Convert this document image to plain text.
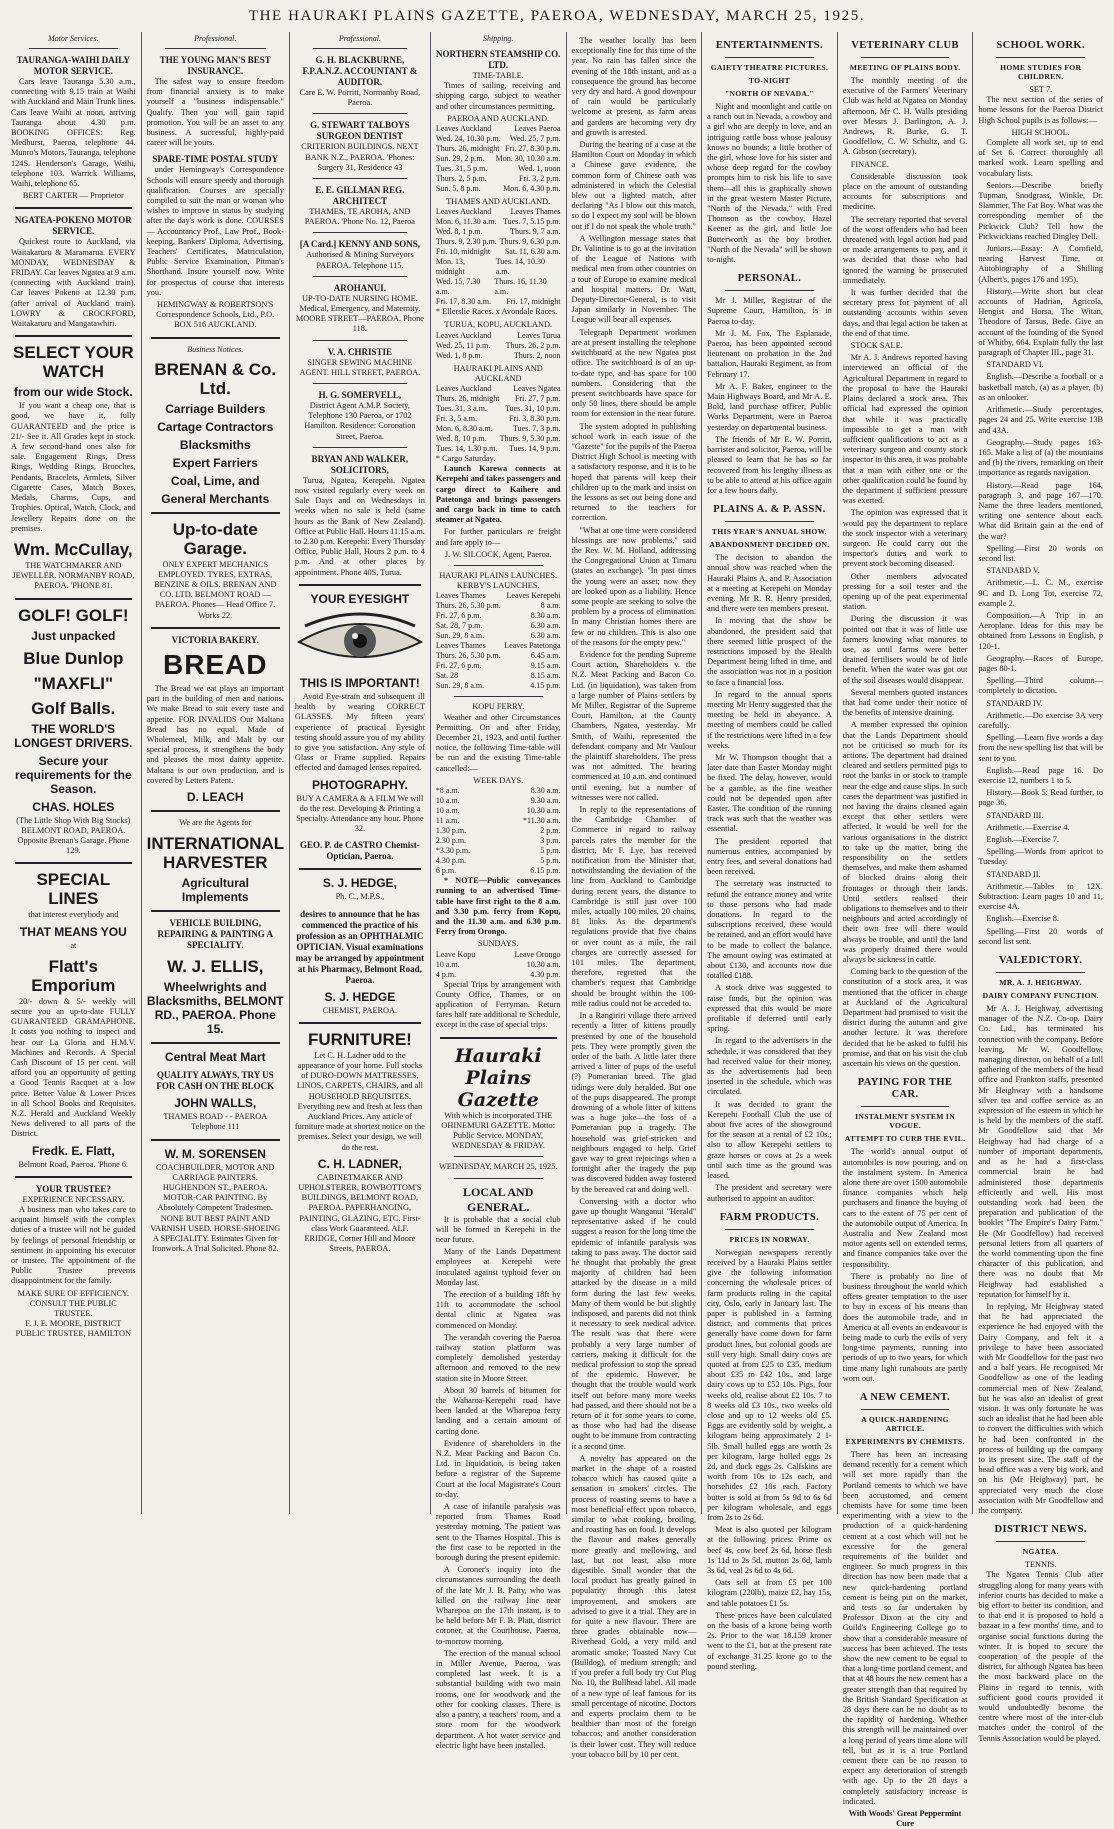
THE HAURAKI PLAINS GAZETTE, PAEROA, WEDNESDAY, MARCH 25, 1925.
Motor Services.
TAURANGA-WAIHI DAILY MOTOR SERVICE.

Cars leave Tauranga 5.30 a.m., connecting with 9.15 train at Waihi with Auckland and Main Trunk lines. Cars leave Waihi at noon, arriving Tauranga about 4.30 p.m. BOOKING OFFICES: Reg. Medhurst, Paeroa, telephone 44. Munro's Motors, Tauranga, telephone 124S. Henderson's Garage, Waihi, telephone 103. Warrick Williams, Waihi, telephone 65.

BERT CARTER — Proprietor
NGATEA-POKENO MOTOR SERVICE.

Quickest route to Auckland, via Waitakaruru & Maramarua. EVERY MONDAY, WEDNESDAY & FRIDAY. Car leaves Ngatea at 9 a.m. (connecting with Auckland train). Car leaves Pokeno at 12.30 p.m. (after arrival of Auckland train). LOWRY & CROCKFORD, Waitakaruru and Mangatawhiri.

SELECT YOUR WATCH
from our wide Stock.

If you want a cheap one, that is good, we have it, fully GUARANTEED and the price is 21/- See it. All Grades kept in stock. A few second-hand ones also for sale. Engagement Rings, Dress Rings, Wedding Rings, Brooches, Pendants, Bracelets, Armlets, Silver Cigarette Cases, Match Boxes, Medals, Charms, Cups, and Trophies. Optical, Watch, Clock, and Jewellery Repairs done on the premises.

Wm. McCullay,
THE WATCHMAKER AND JEWELLER. NORMANBY ROAD, PAEROA. 'PHONE 81.
GOLF! GOLF!
Just unpacked
Blue Dunlop
"MAXFLI"
Golf Balls.
THE WORLD'S LONGEST DRIVERS.
Secure your requirements for the Season.
CHAS. HOLES
(The Little Shop With Big Stocks) BELMONT ROAD, PAEROA. Opposite Brenan's Garage. Phone 129.
SPECIAL LINES
that interest everybody and
THAT MEANS YOU
at
Flatt's Emporium

20/- down & 5/- weekly will secure you an up-to-date FULLY GUARANTEED GRAMAPHONE. It costs you nothing to inspect and hear our La Gloria and H.M.V. Machines and Records. A Special Cash Discount of 15 per cent. will afford you an opportunity of getting a Good Tennis Racquet at a low price. Better Value & Lower Prices in all School Books and Requisites. N.Z. Herald and Auckland Weekly News delivered to all parts of the District.

Fredk. E. Flatt,
Belmont Road, Paeroa. 'Phone 6.
YOUR TRUSTEE?
EXPERIENCE NECESSARY.

A business man who takes care to acquaint himself with the complex duties of a trustee will not be guided by feelings of personal friendship or sentiment in appointing his executor or trustee. The appointment of the Public Trustee prevents disappointment for the family.

MAKE SURE OF EFFICIENCY.
CONSULT THE PUBLIC TRUSTEE.
F. J. E. MOORE, DISTRICT PUBLIC TRUSTEE, HAMILTON
Professional.
THE YOUNG MAN'S BEST INSURANCE.

The safest way to ensure freedom from financial anxiety is to make yourself a "business indispensable." Qualify. Then you will gain rapid promotion. You will be an asset to any business. A successful, highly-paid career will be yours.

SPARE-TIME POSTAL STUDY

under Hemingway's Correspondence Schools will ensure speedy and thorough qualification. Courses are specially compiled to suit the man or woman who wishes to improve in status by studying after the day's work is done. COURSES— Accountancy Prof., Law Prof., Book-keeping, Bankers' Diploma, Advertising, Teachers' Certificates, Matriculation, Public Service Examination, Pitman's Shorthand. Insure yourself now. Write for prospectus of course that interests you.

HEMINGWAY & ROBERTSON'S Correspondence Schools, Ltd., P.O. BOX 516 AUCKLAND.
Business Notices.
BRENAN & Co. Ltd.
Carriage Builders
Cartage Contractors
Blacksmiths
Expert Farriers
Coal, Lime, and
General Merchants
Up-to-date Garage.
ONLY EXPERT MECHANICS EMPLOYED. TYRES, EXTRAS, BENZINE & OILS. BRENAN AND CO. LTD. BELMONT ROAD — PAEROA. Phones— Head Office 7. Works 22.
VICTORIA BAKERY.
BREAD

The Bread we eat plays an important part in the building of men and nations. We make Bread to suit every taste and appetite. FOR INVALIDS Our Maltana Bread has no equal. Made of Wholemeal, Milk, and Malt by our special process, it strengthens the body and pleases the most dainty appetite. Maltana is our own production, and is covered by Letters Patent.

D. LEACH
We are the Agents for
INTERNATIONAL HARVESTER
Agricultural Implements
VEHICLE BUILDING, REPAIRING & PAINTING A SPECIALITY.
W. J. ELLIS,
Wheelwrights and Blacksmiths, BELMONT RD., PAEROA. Phone 15.
Central Meat Mart
QUALITY ALWAYS, TRY US FOR CASH ON THE BLOCK
JOHN WALLS,
THAMES ROAD - - PAEROA Telephone 111
W. M. SORENSEN
COACHBUILDER, MOTOR AND CARRIAGE PAINTERS. HUGHENDON ST., PAEROA. MOTOR-CAR PAINTING. By Absolutely Competent Tradesmen. NONE BUT BEST PAINT AND VARNISH USED. HORSE-SHOEING A SPECIALITY. Estimates Given for Ironwork. A Trial Solicited. Phone 82.
Professional.
G. H. BLACKBURNE, F.P.A.N.Z. ACCOUNTANT & AUDITOR.
Care E. W. Porritt, Normanby Road, Paeroa.
G. STEWART TALBOYS SURGEON DENTIST
CRITERION BUILDINGS. NEXT BANK N.Z., PAEROA. 'Phones: Surgery 31, Residence 43
E. E. GILLMAN REG. ARCHITECT
THAMES, TE AROHA, AND PAEROA. 'Phone No. 12, Paeroa
[A Card.] KENNY AND SONS,
Authorised & Mining Surveyors PAEROA. Telephone 115.
AROHANUI.
UP-TO-DATE NURSING HOME. Medical, Emergency, and Maternity. MOORE STREET—PAEROA. Phone 118.
V. A. CHRISTIE
SINGER SEWING MACHINE AGENT. HILL STREET, PAEROA.
H. G. SOMERVELL,
District Agent A.M.P. Society, Telephone 130 Paeroa, or 1702 Hamilton. Residence: Coronation Street, Paeroa.
BRYAN AND WALKER, SOLICITORS,

Turua, Ngatea, Kerepehi. Ngatea now visited regularly every week on Sale Days and on Wednesdays in weeks when no sale is held (same hours as the Bank of New Zealand). Office at Public Hall. Hours 11.15 a.m. to 2.30 p.m. Kerepehi: Every Thursday Office, Public Hall, Hours 2 p.m. to 4 p.m. And at other places by appointment. Phone 40S, Turua.

YOUR EYESIGHT
THIS IS IMPORTANT!

Avoid Eye-strain and subsequent ill health by wearing CORRECT GLASSES. My fifteen years' experience of practical Eyesight testing should assure you of my ability to give you satisfaction. Any style of Glass or Frame supplied. Repairs effected and damaged lenses repaired.

PHOTOGRAPHY.
BUY A CAMERA & A FILM We will do the rest. Developing & Printing a Specialty. Attendance any hour. Phone 32.
GEO. P. de CASTRO Chemist-Optician, Paeroa.
S. J. HEDGE,
Ph. C., M.P.S.,
desires to announce that he has commenced the practice of his profession as an OPHTHALMIC OPTICIAN. Visual examinations may be arranged by appointment at his Pharmacy, Belmont Road, Paeroa.
S. J. HEDGE
CHEMIST, PAEROA.
FURNITURE!
Let C. H. Ladner add to the appearance of your home. Full stocks of DURO-DOWN MATTRESSES, LINOS, CARPETS, CHAIRS, and all HOUSEHOLD REQUISITES. Everything new and fresh at less than Auckland Prices. Any article of furniture made at shortest notice on the premises. Select your design, we will do the rest.
C. H. LADNER,
CABINETMAKER AND UPHOLSTERER, ROWBOTTOM'S BUILDINGS, BELMONT ROAD, PAEROA. PAPERHANGING, PAINTING, GLAZING, ETC. First-class Work Guaranteed. ALF. ERIDGE, Corner Hill and Moore Streets, PAEROA.
Shipping.
NORTHERN STEAMSHIP CO. LTD.
TIME-TABLE.

Times of sailing, receiving and shipping cargo, subject to weather and other circumstances permitting.

PAEROA AND AUCKLAND.
Leaves Auckland	Leaves Paeroa
Wed. 24, 10.30 p.m. Wed. 25, 7 p.m.
Thurs. 26, midnight Fri. 27, 8.30 p.m.
Sun. 29, 2 p.m. Mon. 30, 10.30 a.m.
Tues. 31, 5 p.m.	Wed. 1, noon
Thurs. 2, 5 p.m.	Fri. 3, 2 p.m.
Sun. 5, 8 p.m.	Mon. 6, 4.30 p.m.
THAMES AND AUCKLAND.
Leaves Auckland Leaves Thames
Mon. 6, 11.30 a.m. Tues. 7, 5.15 p.m.
Wed. 8, 1 p.m.	Thurs. 9, 7 a.m.
Thurs. 9, 2.30 p.m. Thurs. 9, 6.30 p.m.
Fri. 10, midnight Sat. 11, 6.30 a.m.
Mon. 13, midnight
Tues. 14, 10.30 a.m.
Wed. 15, 7.30 a.m.
Thurs. 16, 11.30 a.m.
Fri. 17, 8.30 a.m. Fri. 17, midnight
* Ellerslie Races. x Avondale Races.
TURUA, KOPU, AUCKLAND.
Leaves Auckland	Leaves Turua
Wed. 25, 11 p.m. Thurs. 26, 2 p.m.
Wed. 1, 8 p.m.	Thurs. 2, noon
HAURAKI PLAINS AND AUCKLAND
Leaves Auckland	Leaves Ngatea
Thurs. 26, midnight Fri. 27, 7 p.m.
Tues. 31, 3 a.m. Tues. 31, 10 p.m.
Fri. 3, 5 a.m.	Fri. 3, 8.30 p.m.
Mon. 6, 8.30 a.m.	Tues. 7, 3 p.m.
Wed. 8, 10 p.m. Thurs. 9, 5.30 p.m.
Tues. 14, 1.30 p.m. Tues. 14, 9 p.m.
* Cargo Saturday.

Launch Karewa connects at Kerepehi and takes passengers and cargo direct to Kaihere and Patetonga and brings passengers and cargo back in time to catch steamer at Ngatea.

For further particulars re freight and fare apply to—

J. W. SILCOCK, Agent, Paeroa.
HAURAKI PLAINS LAUNCHES.
KERBY'S LAUNCHES.
Leaves Thames	Leaves Kerepehi
Thurs. 26, 5.30 p.m.	8 a.m.
Fri. 27, 6 p.m.	8.30 a.m.
Sat. 28, 7 p.m.	6.30 a.m.
Sun. 29, 8 a.m.	6.30 a.m.
Leaves Thames Leaves Patetonga
Thurs. 26, 5.30 p.m.	6.45 a.m.
Fri. 27, 6 p.m.	9.15 a.m.
Sat. 28	8.15 a.m.
Sun. 29, 8 a.m.	4.15 p.m.
KOPU FERRY.

Weather and other Circumstances Permitting. On and after Friday, December 21, 1923, and until further notice, the following Time-table will be run and the existing Time-table cancelled:—

WEEK DAYS.
*8 a.m.	8.30 a.m.
10 a.m.	9.30 a.m.
10 a.m.	10.30 a.m.
11 a.m.	*11.30 a.m.
1.30 p.m.	2 p.m.
2.30 p.m.	3 p.m.
*3.30 p.m.	5 p.m.
4.30 p.m.	5 p.m.
6 p.m.	6.15 p.m.

* NOTE—Public conveyances running to an advertised Time-table have first right to the 8 a.m. and 3.30 p.m. ferry from Kopu, and the 11.30 a.m. and 6.30 p.m. Ferry from Orongo.

SUNDAYS.
Leave Kopu	Leave Orongo
10 a.m.	10.30 a.m.
4 p.m.	4.30 p.m.

Special Trips by arrangement with County Office, Thames, or on application of Ferryman. Return fares half rate additional to Schedule, except in the case of special trips.

Hauraki Plains Gazette
With which is incorporated THE OHINEMURI GAZETTE. Motto: Public Service. MONDAY, WEDNESDAY & FRIDAY.
WEDNESDAY, MARCH 25, 1925.
LOCAL AND GENERAL.

It is probable that a social club will be formed in Kerepehi in the near future.

Many of the Lands Department employees at Kerepehi were inoculated against typhoid fever on Monday last.

The erection of a building 18ft by 11ft to accommodate the school dental clinic at Ngatea was commenced on Monday.

The verandah covering the Paeroa railway station platform was completely demolished yesterday afternoon and removed to the new station site in Moore Street.

About 30 barrels of bitumen for the Waharoa-Kerepehi road have been landed at the Wharepoa ferry landing and a certain amount of carting done.

Evidence of shareholders in the N.Z. Meat Packing and Bacon Co. Ltd. in liquidation, is being taken before a registrar of the Supreme Court at the local Magistrate's Court to-day.

A case of infantile paralysis was reported from Thames Road yesterday morning. The patient was sent to the Thames Hospital. This is the first case to be reported in the borough during the present epidemic.

A Coroner's inquiry into the circumstances surrounding the death of the late Mr J. B. Patty, who was killed on the railway line near Wharepoa on the 17th instant, is to be held before Mr F. B. Platt, district coroner, at the Courthouse, Paeroa, to-morrow morning.

The erection of the manual school in Miller Avenue, Paeroa, was completed last week. It is a substantial building with two main rooms, one for woodwork and the other for cooking classes. There is also a pantry, a teachers' room, and a store room for the woodwork department. A hot water service and electric light have been installed.

The weather locally has been exceptionally fine for this time of the year. No rain has fallen since the evening of the 18th instant, and as a consequence the ground has become very dry and hard. A good downpour of rain would be particularly welcome at present, as farm areas and gardens are becoming very dry and growth is arrested.

During the hearing of a case at the Hamilton Court on Monday in which a Chinese gave evidence, the common form of Chinese oath was administered in which the Celestial blew out a lighted match, after declaring "As I blow out this match, so do I expect my soul will be blown out if I do not speak the whole truth."

A Wellington message states that Dr. Valintine is to go at the invitation of the League of Nations with medical men from other countries on a tour of Europe to examine medical and hospital matters. Dr. Watt, Deputy-Director-General, is to visit Japan similarly in November. The League will bear all expenses.

Telegraph Department workmen are at present installing the telephone switchboard at the new Ngatea post office. The switchboard is of an up-to-date type, and has space for 100 numbers. Considering that the present switchboards have space for only 50 lines, there should be ample room for extension in the near future.

The system adopted in publishing school work in each issue of the "Gazette" for the pupils of the Paeroa District High School is meeting with a satisfactory response, and it is to be hoped that parents will keep their children up to the mark and insist on the lessons as set out being done and returned to the teachers for correction.

"What at one time were considered blessings are now problems," said the Rev. W. M. Holland, addressing the Congregational Union at Timaru (states an exchange). "In past times the young were an asset; now they are looked upon as a liability. Hence some people are seeking to solve the problem by a process of elimination. In many Christian homes there are few or no children. This is also one of the reasons for the empty pew."

Evidence for the pending Supreme Court action, Shareholders v. the N.Z. Meat Packing and Bacon Co. Ltd. (in liquidation), was taken from a large number of Plains settlers by Mr Miller, Registrar of the Supreme Court, Hamilton, at the County Chambers, Ngatea, yesterday. Mr Smith, of Waihi, represented the defendant company and Mr Vaulour the plaintiff shareholders. The press was not admitted. The hearing commenced at 10 a.m. and continued until evening, but a number of witnesses were not called.

In reply to the representations of the Cambridge Chamber of Commerce in regard to railway parcels rates the member for the district, Mr F. Lye, has received notification from the Minister that, notwithstanding the deviation of the line from Auckland to Cambridge during recent years, the distance to Cambridge is still just over 100 miles, actually 100 miles, 20 chains, 81 links. As the department's regulations provide that five chains or over count as a mile, the rail charges are correctly assessed for 101 miles. The department, therefore, regretted that the chamber's request that Cambridge should be brought within the 100-mile radius could not be acceded to.

In a Rangiriri village there arrived recently a litter of kittens proudly presented by one of the household pets. They were promptly given the order of the bath. A little later there arrived a litter of pups of the useful (?) Pomeranian breed. The glad tidings were duly heralded. But one of the pups disappeared. The prompt drowning of a whole litter of kittens was a huge joke—the loss of a Pomeranian pup a tragedy. The household was grief-stricken and neighbours engaged to help. Grief gave way to great rejoicings when a fortnight after the tragedy the pup was discovered hidden away fostered by the bereaved cat and doing well.

Conversing with a doctor who gave up thought Wanganui "Herald" representative asked if he could suggest a reason for the long time the epidemic of infantile paralysis was taking to pass away. The doctor said he thought that probably the great majority of children had been attacked by the disease in a mild form during the last few weeks. Many of them would be but slightly indisposed, and parents did not think it necessary to seek medical advice. The result was that there were probably a very large number of carriers, making it difficult for the medical profession to stop the spread of the epidemic. However, he thought that the trouble would work itself out before many more weeks had passed, and there should not be a return of it for some years to come, as those who had had the disease ought to be immune from contracting it a second time.

A novelty has appeared on the market in the shape of a roasted tobacco which has caused quite a sensation in smokers' circles. The process of roasting seems to have a most beneficial effect upon tobacco, similar to what cooking, broiling, and roasting has on food. It develops the flavour and makes generally more greatly and mellowing, and last, but not least, also more digestible. Small wonder that the local product has greatly gained in popularity through this latest improvement, and smokers are advised to give it a trial. They are in for quite a new flavour. There are three grades obtainable now—Riverhead Gold, a very mild and aromatic smoke; Toasted Navy Cut (Bulldog), of medium strength; and if you prefer a full body try Cut Plug No. 10, the Bullhead label. All made of a new type of leaf famous for its small percentage of nicotine. Doctors and experts proclaim them to be healthier than most of the foreign tobaccos; and another consideration is their lower cost. They will reduce your tobacco bill by 10 per cent.

ENTERTAINMENTS.
GAIETY THEATRE PICTURES.
TO-NIGHT
"NORTH OF NEVADA."

Night and moonlight and cattle on a ranch out in Nevada, a cowboy and a girl who are deeply in love, and an intriguing cattle boss whose jealousy knows no bounds; a little brother of the girl, whose love for his sister and whose deep regard for the cowboy prompts him to risk his life to save them—all this is graphically shown in the great western Master Picture, "North of the Nevada," with Fred Thomson as the cowboy, Hazel Keener as the girl, and little Joe Butterworth as the boy brother. "North of the Nevada" will be shown to-night.

PERSONAL.

Mr J. Miller, Registrar of the Supreme Court, Hamilton, is in Paeroa to-day.

Mr J. M. Fox, The Esplanade, Paeroa, has been appointed second lieutenant on probation in the 2nd battalion, Hauraki Regiment, as from February 17.

Mr A. F. Baker, engineer to the Main Highways Board, and Mr A. E. Bold, land purchase officer, Public Works Department, were in Paeroa yesterday on departmental business.

The friends of Mr E. W. Porritt, barrister and solicitor, Paeroa, will be pleased to learn that he has so far recovered from his lengthy illness as to be able to attend at his office again for a few hours daily.

PLAINS A. & P. ASSN.
THIS YEAR'S ANNUAL SHOW.
ABANDONMENT DECIDED ON.

The decision to abandon the annual show was reached when the Hauraki Plains A. and P. Association at a meeting at Kerepehi on Monday evening. Mr R. R. Henry presided, and there were ten members present.

In moving that the show be abandoned, the president said that there seemed little prospect of the restrictions imposed by the Health Department being lifted in time, and the association was not in a position to face a financial loss.

In regard to the annual sports meeting Mr Henry suggested that the meeting be held in abeyance. A meeting of members could be called if the restrictions were lifted in a few weeks.

Mr W. Thompson thought that a later date than Easter Monday might be fixed. The delay, however, would be a gamble, as the fine weather could not be depended upon after Easter. The condition of the running track was such that the weather was essential.

The president reported that numerous entries, accompanied by entry fees, and several donations had been received.

The secretary was instructed to refund the entrance money and write to those persons who had made donations. In regard to the subscriptions received, these would be retained, and an effort would have to be made to collect the balance. The amount owing was estimated at about £130, and accounts now due totalled £188.

A stock drive was suggested to raise funds, but the opinion was expressed that this would be more profitable if deferred until early spring.

In regard to the advertisers in the schedule, it was considered that they had received value for their money, as the advertisements had been inserted in the schedule, which was circulated.

It was decided to grant the Kerepehi Football Club the use of about five acres of the showground for the season at a rental of £2 10s.; also to allow Kerepehi settlers to graze horses or cows at 2s a week until such time as the ground was leased.

The president and secretary were authorised to appoint an auditor.

FARM PRODUCTS.
PRICES IN NORWAY.

Norwegian newspapers recently received by a Hauraki Plains settler give the following information concerning the wholesale prices of farm products ruling in the capital city, Oslo, early in January last. The paper is published in a farming district, and comments that prices generally have come down for farm product lines, but colonial goods are still very high. Small dairy cows are quoted at from £25 to £35, medium about £35 to £42 10s., and large dairy cows up to £52 10s. Pigs, four weeks old, realise about £2 10s. 7 to 8 weeks old £3 10s., two weeks old close and up to 12 weeks old £5. Eggs are evidently sold by weight, a kilogram being approximately 2 1-5lb. Small hulled eggs are worth 2s per kilogram, large hulled eggs 2s 2d, and duck eggs 2s. Calfskins are worth from 10s to 12s each, and horsehides £2 10s each. Factory butter is sold at from 5s 9d to 6s 6d per kilogram wholesale, and eggs from 2s to 2s 6d.

Meat is also quoted per kilogram at the following prices: Prime ox beef 4s, cow beef 2s 6d, horse flesh 1s 11d to 2s 5d, mutton 2s 6d, lamb 3s 6d, veal 2s 6d to 4s 6d.

Oats sell at from £5 per 100 kilogram (220lb), maize £2, hay 15s, and table potatoes £1 5s.

These prices have been calculated on the basis of a krone being worth 2s. Prior to the war 18.159 kroner went to the £1, but at the present rate of exchange 31.25 krone go to the pound sterling.

VETERINARY CLUB
MEETING OF PLAINS BODY.

The monthly meeting of the executive of the Farmers' Veterinary Club was held at Ngatea on Monday afternoon, Mr C. H. Walls presiding over Messrs J. Darlington, A. J. Andrews, R. Burke, G. T. Goodfellow, C. W. Schultz, and G. A. Gibson (secretary).

FINANCE.

Considerable discussion took place on the amount of outstanding accounts for subscriptions and medicine.

The secretary reported that several of the worst offenders who had been threatened with legal action had paid or made arrangements to pay, and it was decided that those who had ignored the warning be prosecuted immediately.

It was further decided that the secretary press for payment of all outstanding accounts within seven days, and that legal action be taken at the end of that time.

STOCK SALE.

Mr A. J. Andrews reported having interviewed an official of the Agricultural Department in regard to the proposal to have the Hauraki Plains declared a stock area. This official had expressed the opinion that while it was practically impossible to get a man with sufficient qualifications to act as a veterinary surgeon and county stock inspector in this area, it was probable that a man with either one or the other qualification could be found by the department if sufficient pressure was exerted.

The opinion was expressed that it would pay the department to replace the stock inspector with a veterinary surgeon. He could carry out the inspector's duties and work to prevent stock becoming diseased.

Other members advocated pressing for a soil tester and the opening up of the peat experimental station.

During the discussion it was pointed out that it was of little use farmers knowing what manures to use, as until farms were better drained fertilisers would be of little benefit. When the water was got out of the soil diseases would disappear.

Several members quoted instances that had come under their notice of the benefits of intensive draining.

A member expressed the opinion that the Lands Department should not be criticised so much for its actions. The department had drained cleared and settlers permitted pigs to root the banks in or stock to trample near the edge and cause slips. In such cases the department was justified in not having the drains cleaned again except that other settlers were affected. It would be well for the various organisations in the district to take up the matter, bring the responsibility on the settlers themselves, and make them ashamed of blocked drains along their frontages or through their lands. Until settlers realised their obligations to themselves and to their neighbours and acted accordingly of their own free will there would always be trouble, and until the land was properly drained there would always be sickness in cattle.

Coming back to the question of the constitution of a stock area, it was mentioned that the officer in charge at Auckland of the Agricultural Department had promised to visit the district during the autumn and give another lecture. It was therefore decided that he be asked to fulfil his promise, and that on his visit the club ascertain his views on the question.

PAYING FOR THE CAR.
INSTALMENT SYSTEM IN VOGUE.
ATTEMPT TO CURB THE EVIL.

The world's annual output of automobiles is now pouring, and on the instalment system. In America alone there are over 1500 automobile finance companies which help purchasers and finance the buying of cars to the extent of 75 per cent of the automobile output of America. In Australia and New Zealand most motor agents sell on extended terms, and finance companies take over the responsibility.

There is probably no line of business throughout the world which offers greater temptation to the user to buy in excess of his means than does the automobile trade, and in America at all events an endeavour is being made to curb the evils of very long-time payments, running into periods of up to two years, for which time many light runabouts are partly worn out.

A NEW CEMENT.
A QUICK-HARDENING ARTICLE.
EXPERIMENTS BY CHEMISTS.

There has been an increasing demand recently for a cement which will set more rapidly than the Portland cements to which we have been accustomed, and cement chemists have for some time been experimenting with a view to the production of a quick-hardening cement at a cost which will not be excessive for the general requirements of the builder and engineer. So much progress in this direction has now been made that a new quick-hardening portland cement is being put on the market, and tests so far undertaken by Professor Dixon at the city and Guild's Engineering College go to show that a considerable measure of success has been achieved. The tests show the new cement to be equal to that a long-time portland cement, and that at 48 hours the new cement has a greater strength than that required by the British Standard Specification at 28 days there can be no doubt as to the rapidity of hardening. Whether this strength will be maintained over a long period of years time alone will tell, but as it is a true Portland cement there can be no reason to expect any deterioration of strength with age. Up to the 28 days a completely satisfactory increase is indicated.

With Woods' Great Peppermint Cure
SCHOOL WORK.
HOME STUDIES FOR CHILDREN.
SET 7.

The next section of the series of home lessons for the Paeroa District High School pupils is as follows:—

HIGH SCHOOL.

Complete all work set, up to end of Set 6. Correct thoroughly all marked work. Learn spelling and vocabulary lists.

Seniors.—Describe briefly Tupman, Snodgrass, Winkle, Dr. Slammer, The Fat Boy. What was the corresponding member of the Pickwick Club? Tell how the Pickwickians reached Dingley Dell.

Juniors.—Essay: A Cornfield, nearing Harvest Time, or Autobiography of a Shilling (Albert's, pages 176 and 195).

History.—Write short but clear accounts of Hadrian, Agricola, Hengist and Horsa, The Witan, Theodore of Tarsus, Bede. Give an account of the founding of the Synod of Whitby, 664. Explain fully the last paragraph of Chapter III., page 31.

STANDARD VI.

English.—Describe a football or a basketball match, (a) as a player, (b) as an onlooker.

Arithmetic.—Study percentages, pages 24 and 25. Write exercise 13B and 43A.

Geography.—Study pages 163-165. Make a list of (a) the mountains and (b) the rivers, remarking on their importance as regards navigation.

History.—Read page 164, paragraph 3, and page 167—170. Name the three leaders mentioned, writing one sentence about each. What did Britain gain at the end of the war?

Spelling.—First 20 words on second list.

STANDARD V.

Arithmetic.—L. C. M., exercise 9C and D. Long Tot, exercise 72, example 2.

Composition.—A Trip in an Aeroplane. Ideas for this may be obtained from Lessons in English, p 120-1.

Geography.—Races of Europe, pages 80-1.

Spelling.—Third column—completely to dictation.

STANDARD IV.

Arithmetic.—Do exercise 3A very carefully.

Spelling.—Learn five words a day from the new spelling list that will be sent to you.

English.—Read page 16. Do exercise 12, numbers 1 to 5.

History.—Book 5: Read further, to page 36.

STANDARD III.

Arithmetic.—Exercise 4.

English.—Exercise 7.

Spelling.—Words from apricot to Tuesday.

STANDARD II.

Arithmetic.—Tables to 12X. Subtraction: Learn pages 10 and 11, exercise 4A.

English.—Exercise 8.

Spelling.—First 20 words of second list sent.

VALEDICTORY.
MR. A. J. HEIGHWAY.
DAIRY COMPANY FUNCTION.

Mr A. J. Heighway, advertising manager of the N.Z. Co-op. Dairy Co. Ltd., has terminated his connection with the company. Before leaving, Mr W. Goodfellow, managing director, on behalf of a full gathering of the members of the head office and Frankton staffs, presented Mr Heighway with a handsome silver tea and coffee service as an expression of the esteem in which he is held by the members of the staff. Mr Goodfellow said that Mr Heighway had had charge of a number of important departments, and as he had a first-class commercial brain he had administered those departments efficiently and well. His most outstanding work had been the preparation and publication of the booklet "The Empire's Dairy Farm." He (Mr Goodfellow) had received personal letters from all quarters of the world commenting upon the fine character of this publication, and there was no doubt that Mr Heighway had established a reputation for himself by it.

In replying, Mr Heighway stated that he had appreciated the experience he had enjoyed with the Dairy Company, and felt it a privilege to have been associated with Mr Goodfellow for the past two and a half years. He recognised Mr Goodfellow as one of the leading commercial men of New Zealand, but he was also an idealist of great vision. It was only fortunate he was such an idealist that he had been able to convert the difficulties with which he had been confronted in the process of building up the company to its present size. The staff of the head office was a very big work, and on his (Mr Heighway) part, he appreciated very much the close association with Mr Goodfellow and the company.

DISTRICT NEWS.
NGATEA.
TENNIS.

The Ngatea Tennis Club after struggling along for many years with inferior courts has decided to make a big effort to better its condition, and to that end it is proposed to hold a bazaar in a few months' time, and to organise social functions during the winter. It is hoped to secure the cooperation of the people of the district, for although Ngatea has been the most backward place on the Plains in regard to tennis, with sufficient good courts provided it would undoubtedly become the centre where most of the inter-club matches under the control of the Tennis Association would be played.
